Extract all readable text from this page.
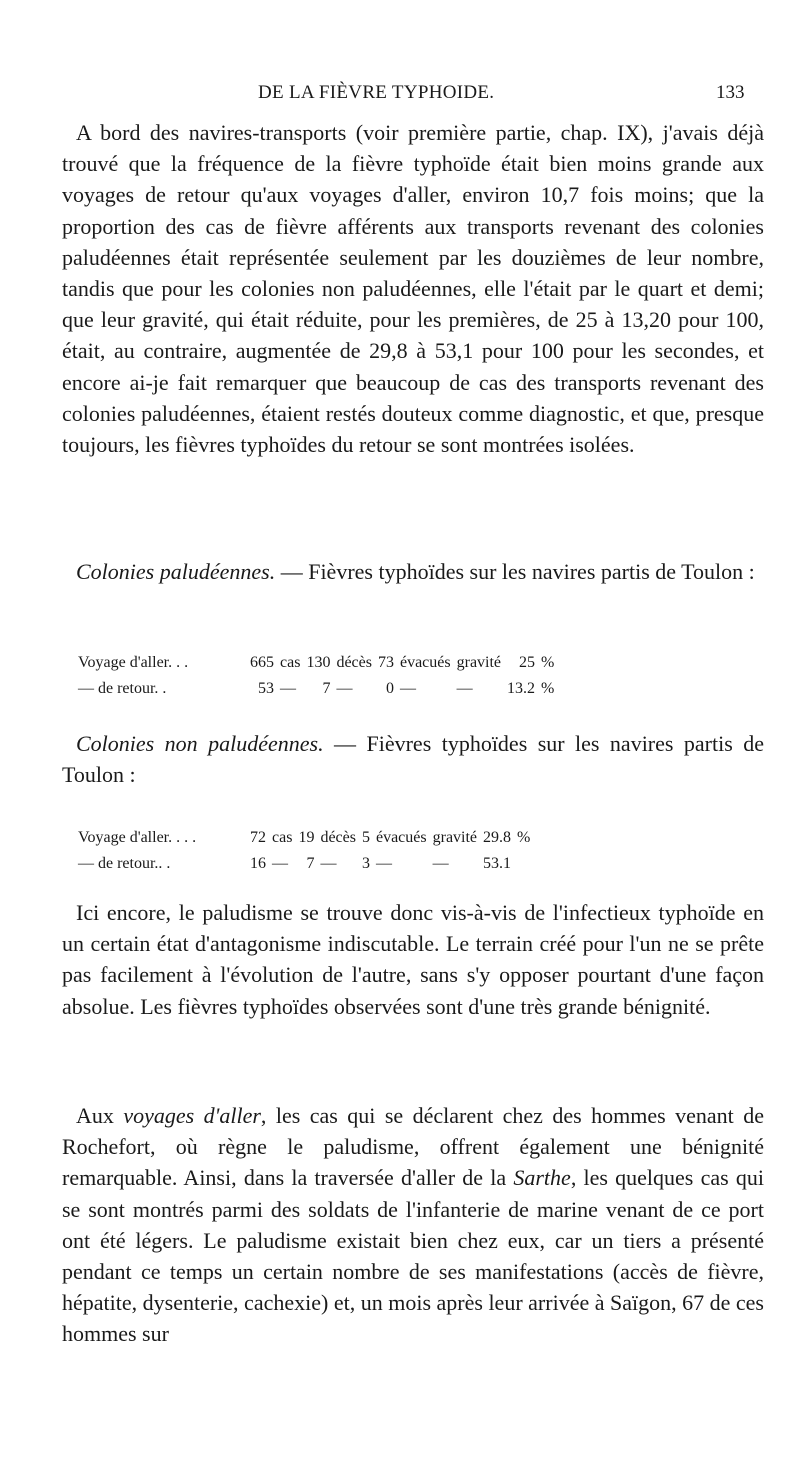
DE LA FIÈVRE TYPHOIDE.	133

A bord des navires-transports (voir première partie, chap. IX), j'avais déjà trouvé que la fréquence de la fièvre typhoïde était bien moins grande aux voyages de retour qu'aux voyages d'aller, environ 10,7 fois moins; que la proportion des cas de fièvre afférents aux transports revenant des colonies paludéennes était représentée seulement par les douzièmes de leur nombre, tandis que pour les colonies non paludéennes, elle l'était par le quart et demi; que leur gravité, qui était réduite, pour les premières, de 25 à 13,20 pour 100, était, au contraire, augmentée de 29,8 à 53,1 pour 100 pour les secondes, et encore ai-je fait remarquer que beaucoup de cas des transports revenant des colonies paludéennes, étaient restés douteux comme diagnostic, et que, presque toujours, les fièvres typhoïdes du retour se sont montrées isolées.

Colonies paludéennes. — Fièvres typhoïdes sur les navires partis de Toulon :

Voyage d'aller. . .	665	cas	130	décès	73	évacués	gravité	25	%
— de retour. .	53	—	7	—	0	—	—	13.2	%

Colonies non paludéennes. — Fièvres typhoïdes sur les navires partis de Toulon :

Voyage d'aller. . . .	72	cas	19	décès	5	évacués	gravité	29.8	%
— de retour.. .	16	—	7	—	3	—	—	53.1	

Ici encore, le paludisme se trouve donc vis-à-vis de l'infectieux typhoïde en un certain état d'antagonisme indiscutable. Le terrain créé pour l'un ne se prête pas facilement à l'évolution de l'autre, sans s'y opposer pourtant d'une façon absolue. Les fièvres typhoïdes observées sont d'une très grande bénignité.

Aux voyages d'aller, les cas qui se déclarent chez des hommes venant de Rochefort, où règne le paludisme, offrent également une bénignité remarquable. Ainsi, dans la traversée d'aller de la Sarthe, les quelques cas qui se sont montrés parmi des soldats de l'infanterie de marine venant de ce port ont été légers. Le paludisme existait bien chez eux, car un tiers a présenté pendant ce temps un certain nombre de ses manifestations (accès de fièvre, hépatite, dysenterie, cachexie) et, un mois après leur arrivée à Saïgon, 67 de ces hommes sur
